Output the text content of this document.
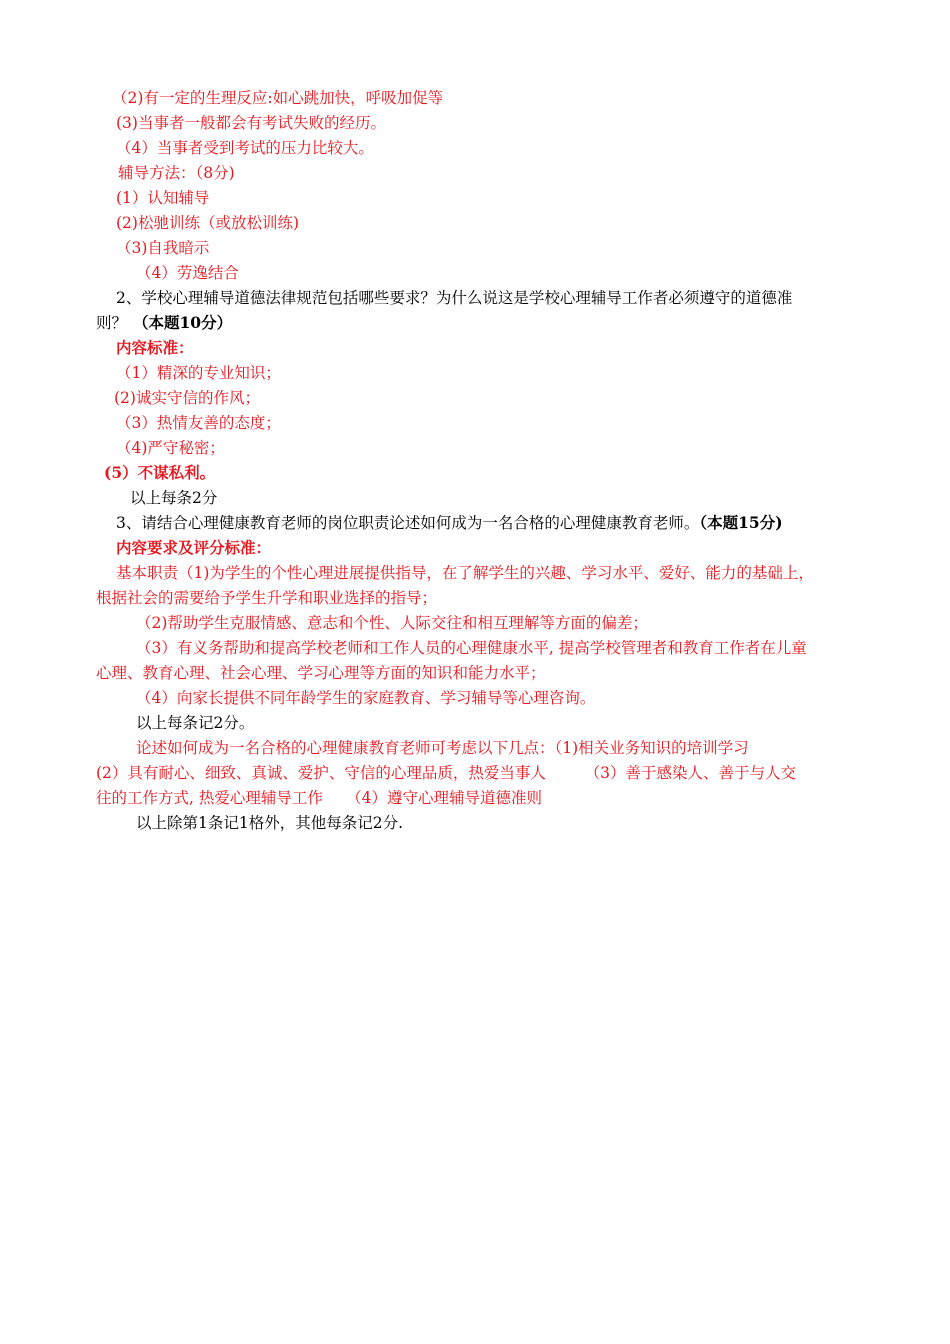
（2)有一定的生理反应:如心跳加快，呼吸加促等
(3)当事者一般都会有考试失败的经历。
（4）当事者受到考试的压力比较大。
辅导方法：（8分)
(1）认知辅导
(2)松驰训练（或放松训练)
（3)自我暗示
（4）劳逸结合
2、学校心理辅导道德法律规范包括哪些要求？为什么说这是学校心理辅导工作者必须遵守的道德准
则？ （本题10分）
内容标准：
（1）精深的专业知识；
(2)诚实守信的作风；
（3）热情友善的态度；
（4)严守秘密；
(5）不谋私利。
以上每条2分
3、请结合心理健康教育老师的岗位职责论述如何成为一名合格的心理健康教育老师。（本题15分)
内容要求及评分标准：
基本职责（1)为学生的个性心理进展提供指导，在了解学生的兴趣、学习水平、爱好、能力的基础上，
根据社会的需要给予学生升学和职业选择的指导；
（2)帮助学生克服情感、意志和个性、人际交往和相互理解等方面的偏差；
（3）有义务帮助和提高学校老师和工作人员的心理健康水平, 提高学校管理者和教育工作者在儿童
心理、教育心理、社会心理、学习心理等方面的知识和能力水平；
（4）向家长提供不同年龄学生的家庭教育、学习辅导等心理咨询。
以上每条记2分。
论述如何成为一名合格的心理健康教育老师可考虑以下几点：（1)相关业务知识的培训学习
(2）具有耐心、细致、真诚、爱护、守信的心理品质，热爱当事人　　　（3）善于感染人、善于与人交
往的工作方式, 热爱心理辅导工作　　（4）遵守心理辅导道德准则
以上除第1条记1格外，其他每条记2分.
